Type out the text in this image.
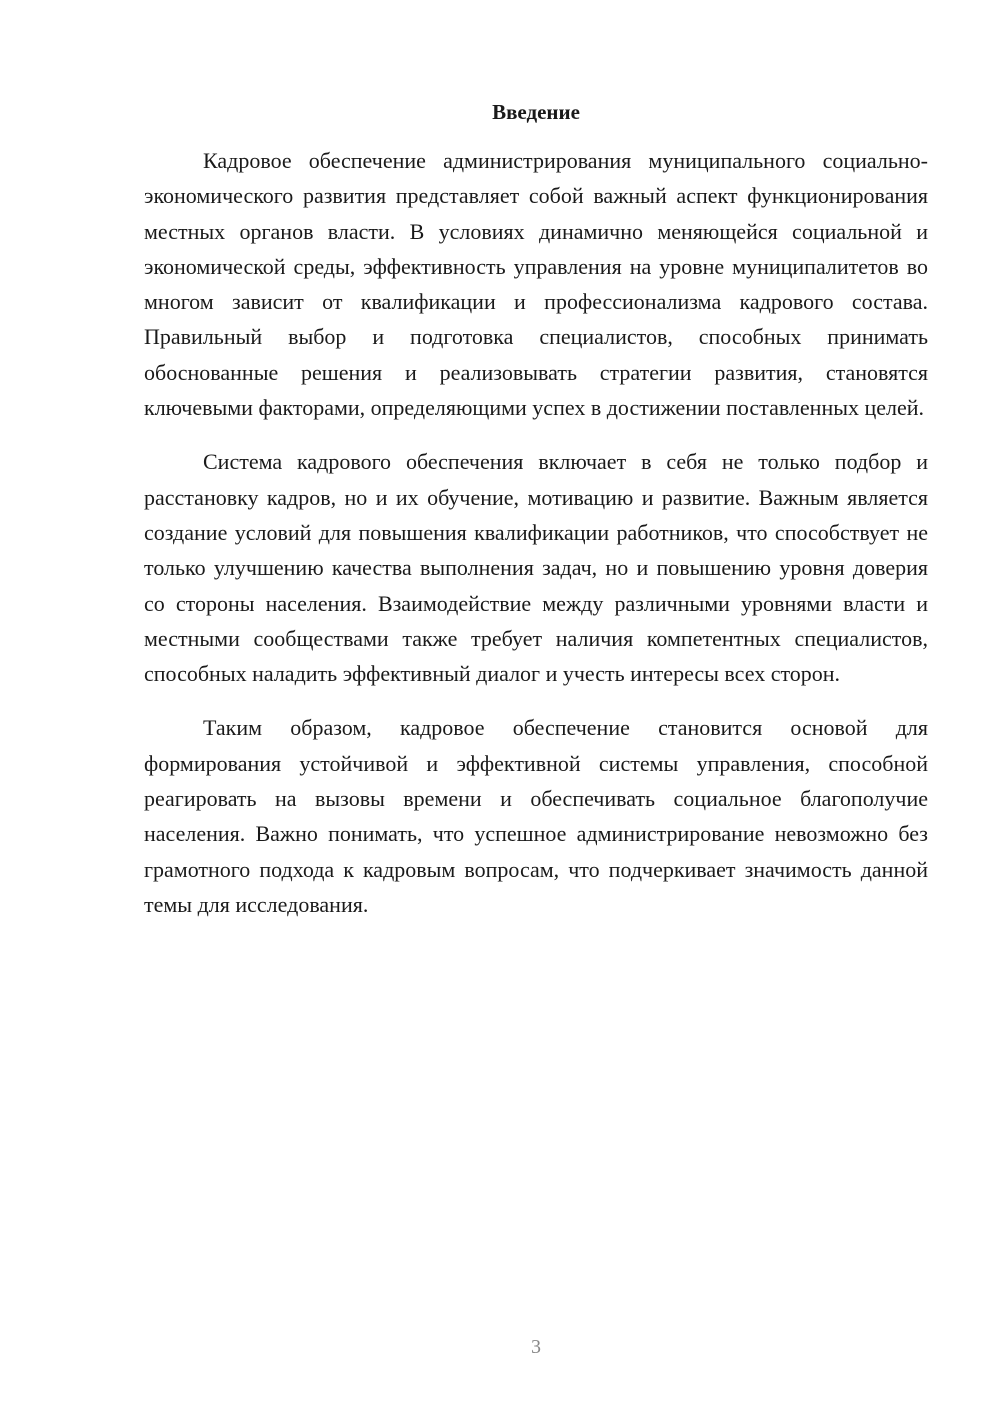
Введение

Кадровое обеспечение администрирования муниципального социально-экономического развития представляет собой важный аспект функционирования местных органов власти. В условиях динамично меняющейся социальной и экономической среды, эффективность управления на уровне муниципалитетов во многом зависит от квалификации и профессионализма кадрового состава. Правильный выбор и подготовка специалистов, способных принимать обоснованные решения и реализовывать стратегии развития, становятся ключевыми факторами, определяющими успех в достижении поставленных целей.

Система кадрового обеспечения включает в себя не только подбор и расстановку кадров, но и их обучение, мотивацию и развитие. Важным является создание условий для повышения квалификации работников, что способствует не только улучшению качества выполнения задач, но и повышению уровня доверия со стороны населения. Взаимодействие между различными уровнями власти и местными сообществами также требует наличия компетентных специалистов, способных наладить эффективный диалог и учесть интересы всех сторон.

Таким образом, кадровое обеспечение становится основой для формирования устойчивой и эффективной системы управления, способной реагировать на вызовы времени и обеспечивать социальное благополучие населения. Важно понимать, что успешное администрирование невозможно без грамотного подхода к кадровым вопросам, что подчеркивает значимость данной темы для исследования.

3
